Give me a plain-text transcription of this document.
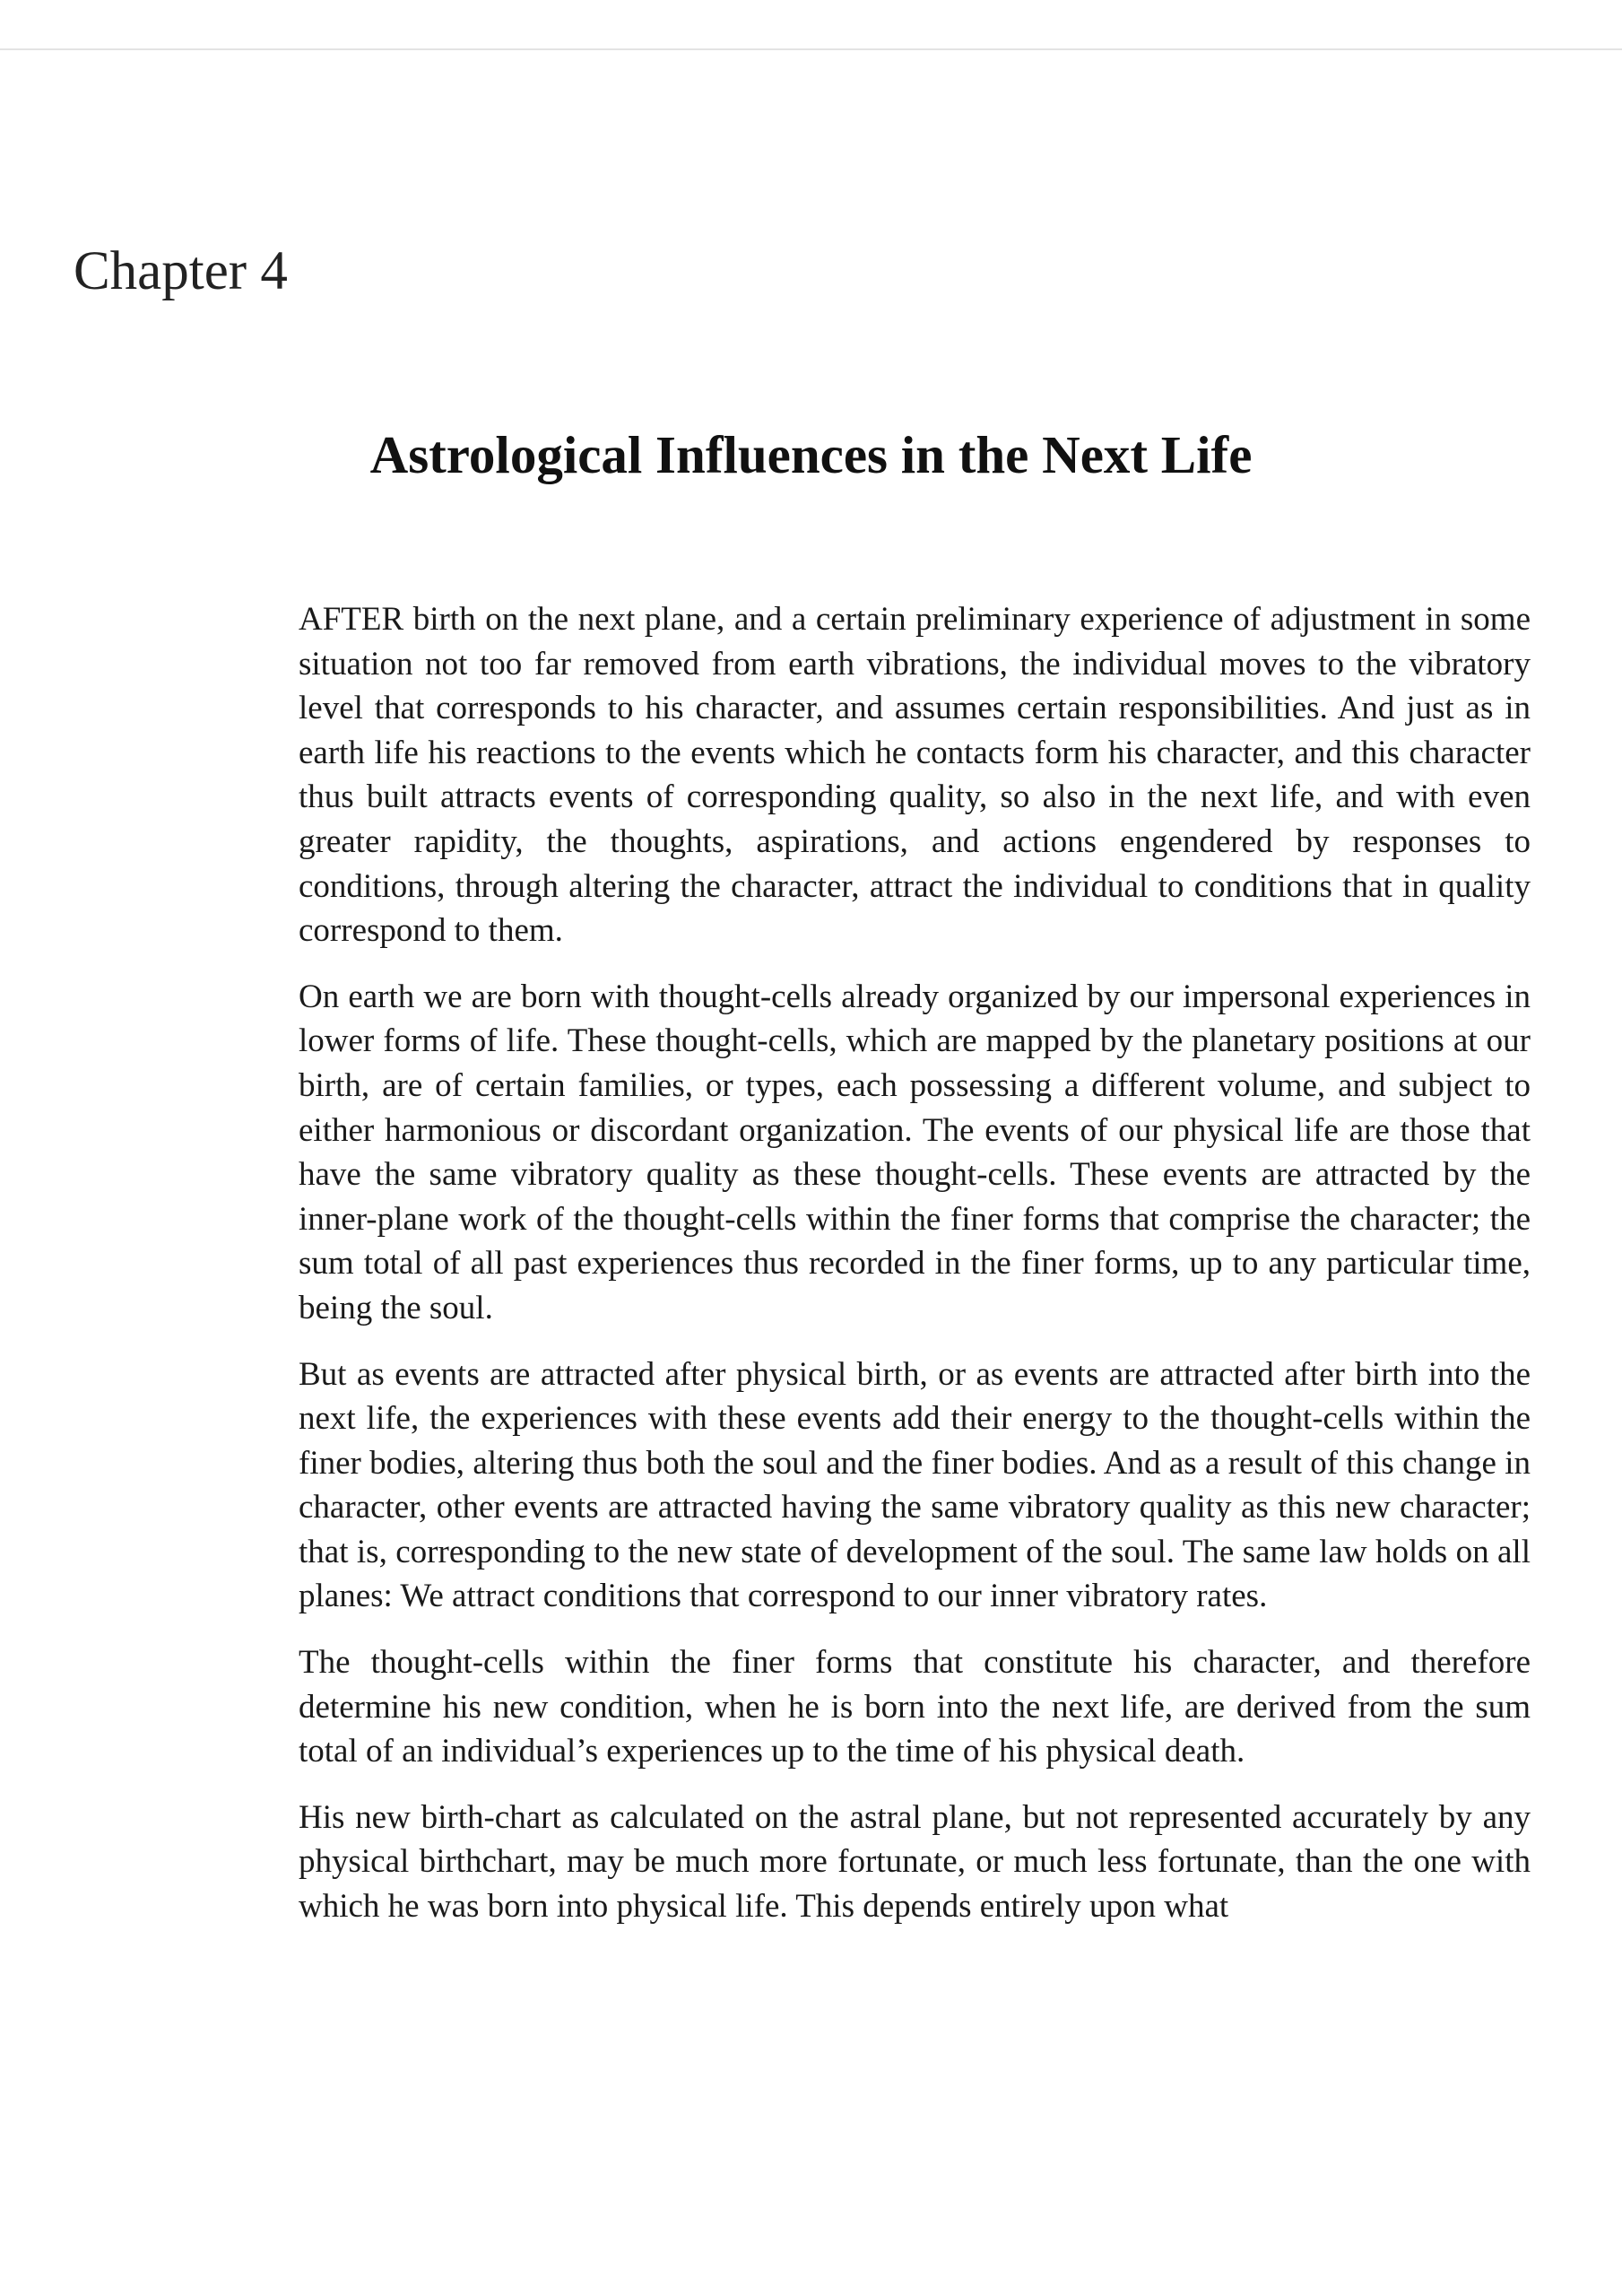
Chapter 4
Astrological Influences in the Next Life

AFTER birth on the next plane, and a certain preliminary experience of adjustment in some situation not too far removed from earth vibrations, the individual moves to the vibratory level that corresponds to his character, and assumes certain responsibilities. And just as in earth life his reactions to the events which he contacts form his character, and this character thus built attracts events of corresponding quality, so also in the next life, and with even greater rapidity, the thoughts, aspirations, and actions engendered by responses to conditions, through altering the character, attract the individual to conditions that in quality correspond to them.

On earth we are born with thought-cells already organized by our impersonal experiences in lower forms of life. These thought-cells, which are mapped by the planetary positions at our birth, are of certain families, or types, each possessing a different volume, and subject to either harmonious or discordant organization. The events of our physical life are those that have the same vibratory quality as these thought-cells. These events are attracted by the inner-plane work of the thought-cells within the finer forms that comprise the character; the sum total of all past experiences thus recorded in the finer forms, up to any particular time, being the soul.

But as events are attracted after physical birth, or as events are attracted after birth into the next life, the experiences with these events add their energy to the thought-cells within the finer bodies, altering thus both the soul and the finer bodies. And as a result of this change in character, other events are attracted having the same vibratory quality as this new character; that is, corresponding to the new state of development of the soul. The same law holds on all planes: We attract conditions that correspond to our inner vibratory rates.

The thought-cells within the finer forms that constitute his character, and therefore determine his new condition, when he is born into the next life, are derived from the sum total of an individual’s experiences up to the time of his physical death.

His new birth-chart as calculated on the astral plane, but not represented accurately by any physical birthchart, may be much more fortunate, or much less fortunate, than the one with which he was born into physical life. This depends entirely upon what
